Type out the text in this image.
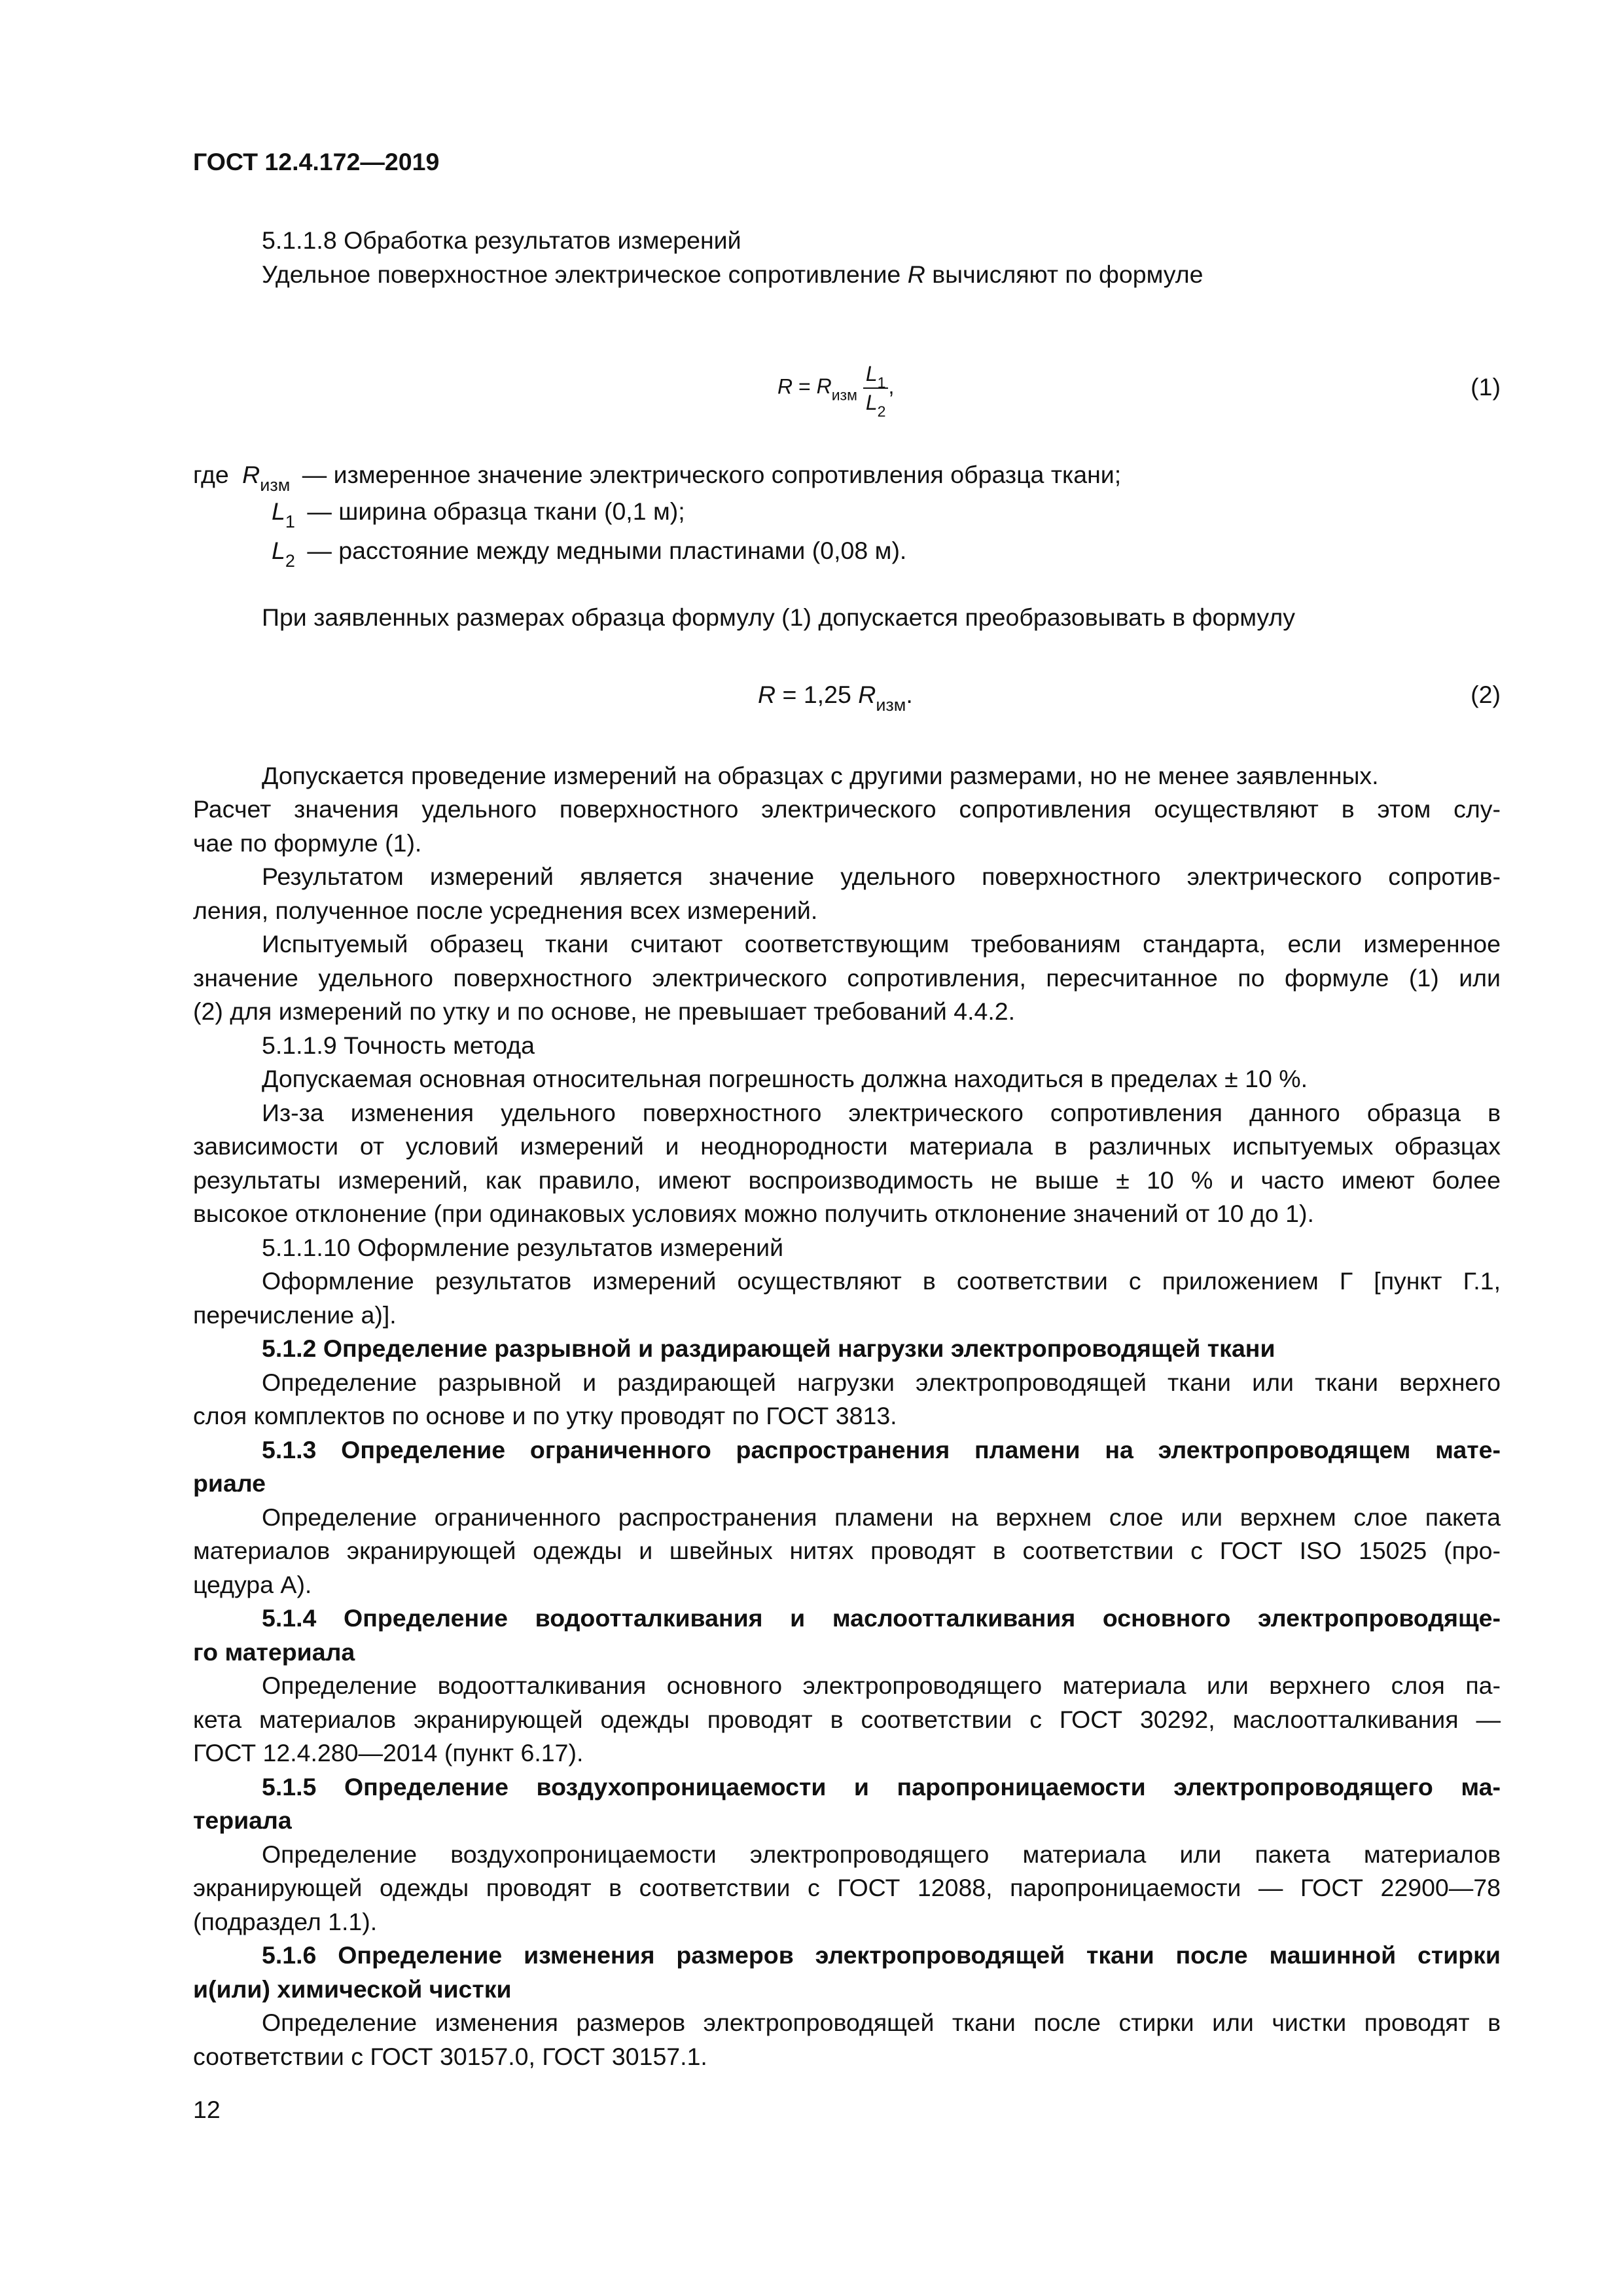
ГОСТ 12.4.172—2019
5.1.1.8 Обработка результатов измерений
Удельное поверхностное электрическое сопротивление R вычисляют по формуле
$R = R_{изм} \frac{L_1}{L_2}$ ,	(1)
где $R_{изм}$ — измеренное значение электрического сопротивления образца ткани;
$L_1$ — ширина образца ткани (0,1 м);
$L_2$ — расстояние между медными пластинами (0,08 м).
При заявленных размерах образца формулу (1) допускается преобразовывать в формулу
R = 1,25 $R_{изм}$.	(2)
Допускается проведение измерений на образцах с другими размерами, но не менее заявленных.
Расчет значения удельного поверхностного электрического сопротивления осуществляют в этом слу-
чае по формуле (1).
Результатом измерений является значение удельного поверхностного электрического сопротив-
ления, полученное после усреднения всех измерений.
Испытуемый образец ткани считают соответствующим требованиям стандарта, если измеренное
значение удельного поверхностного электрического сопротивления, пересчитанное по формуле (1) или
(2) для измерений по утку и по основе, не превышает требований 4.4.2.
5.1.1.9 Точность метода
Допускаемая основная относительная погрешность должна находиться в пределах ± 10 %.
Из-за изменения удельного поверхностного электрического сопротивления данного образца в
зависимости от условий измерений и неоднородности материала в различных испытуемых образцах
результаты измерений, как правило, имеют воспроизводимость не выше ± 10 % и часто имеют более
высокое отклонение (при одинаковых условиях можно получить отклонение значений от 10 до 1).
5.1.1.10 Оформление результатов измерений
Оформление результатов измерений осуществляют в соответствии с приложением Г [пункт Г.1,
перечисление а)].
5.1.2 Определение разрывной и раздирающей нагрузки электропроводящей ткани
Определение разрывной и раздирающей нагрузки электропроводящей ткани или ткани верхнего
слоя комплектов по основе и по утку проводят по ГОСТ 3813.
5.1.3 Определение ограниченного распространения пламени на электропроводящем мате-
риале
Определение ограниченного распространения пламени на верхнем слое или верхнем слое пакета
материалов экранирующей одежды и швейных нитях проводят в соответствии с ГОСТ ISO 15025 (про-
цедура А).
5.1.4 Определение водоотталкивания и маслоотталкивания основного электропроводяще-
го материала
Определение водоотталкивания основного электропроводящего материала или верхнего слоя па-
кета материалов экранирующей одежды проводят в соответствии с ГОСТ 30292, маслоотталкивания —
ГОСТ 12.4.280—2014 (пункт 6.17).
5.1.5 Определение воздухопроницаемости и паропроницаемости электропроводящего ма-
териала
Определение воздухопроницаемости электропроводящего материала или пакета материалов
экранирующей одежды проводят в соответствии с ГОСТ 12088, паропроницаемости — ГОСТ 22900—78
(подраздел 1.1).
5.1.6 Определение изменения размеров электропроводящей ткани после машинной стирки
и(или) химической чистки
Определение изменения размеров электропроводящей ткани после стирки или чистки проводят в
соответствии с ГОСТ 30157.0, ГОСТ 30157.1.
12
